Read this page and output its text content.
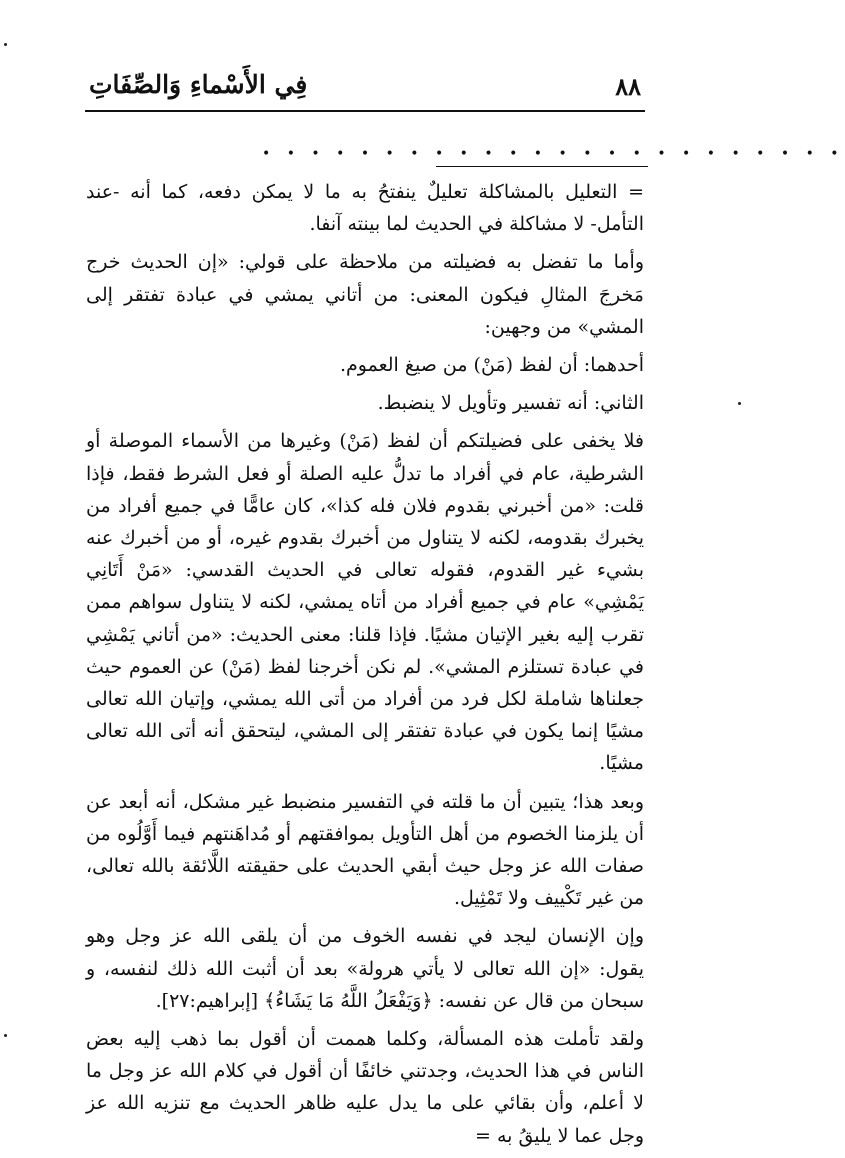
فِي الأَسْماءِ وَالصِّفَاتِ	٨٨
• • • • • • • • • • • • • • • • • • • • • • • •

= التعليل بالمشاكلة تعليلٌ ينفتحُ به ما لا يمكن دفعه، كما أنه -عند التأمل- لا مشاكلة في الحديث لما بينته آنفا.

وأما ما تفضل به فضيلته من ملاحظة على قولي: «إن الحديث خرج مَخرجَ المثالِ فيكون المعنى: من أتاني يمشي في عبادة تفتقر إلى المشي» من وجهين:

أحدهما: أن لفظ (مَنْ) من صيغ العموم.

الثاني: أنه تفسير وتأويل لا ينضبط.

فلا يخفى على فضيلتكم أن لفظ (مَنْ) وغيرها من الأسماء الموصلة أو الشرطية، عام في أفراد ما تدلُّ عليه الصلة أو فعل الشرط فقط، فإذا قلت: «من أخبرني بقدوم فلان فله كذا»، كان عامًّا في جميع أفراد من يخبرك بقدومه، لكنه لا يتناول من أخبرك بقدوم غيره، أو من أخبرك عنه بشيء غير القدوم، فقوله تعالى في الحديث القدسي: «مَنْ أَتَانِي يَمْشِي» عام في جميع أفراد من أتاه يمشي، لكنه لا يتناول سواهم ممن تقرب إليه بغير الإتيان مشيًا. فإذا قلنا: معنى الحديث: «من أتاني يَمْشِي في عبادة تستلزم المشي». لم نكن أخرجنا لفظ (مَنْ) عن العموم حيث جعلناها شاملة لكل فرد من أفراد من أتى الله يمشي، وإتيان الله تعالى مشيًا إنما يكون في عبادة تفتقر إلى المشي، ليتحقق أنه أتى الله تعالى مشيًا.

وبعد هذا؛ يتبين أن ما قلته في التفسير منضبط غير مشكل، أنه أبعد عن أن يلزمنا الخصوم من أهل التأويل بموافقتهم أو مُداهَنتهم فيما أَوَّلُوه من صفات الله عز وجل حيث أبقي الحديث على حقيقته اللَّائقة بالله تعالى، من غير تَكْييف ولا تَمْثِيل.

وإن الإنسان ليجد في نفسه الخوف من أن يلقى الله عز وجل وهو يقول: «إن الله تعالى لا يأتي هرولة» بعد أن أثبت الله ذلك لنفسه، و سبحان من قال عن نفسه: ﴿وَيَفْعَلُ اللَّهُ مَا يَشَاءُ﴾ [إبراهيم:٢٧].

ولقد تأملت هذه المسألة، وكلما هممت أن أقول بما ذهب إليه بعض الناس في هذا الحديث، وجدتني خائفًا أن أقول في كلام الله عز وجل ما لا أعلم، وأن بقائي على ما يدل عليه ظاهر الحديث مع تنزيه الله عز وجل عما لا يليقُ به =
